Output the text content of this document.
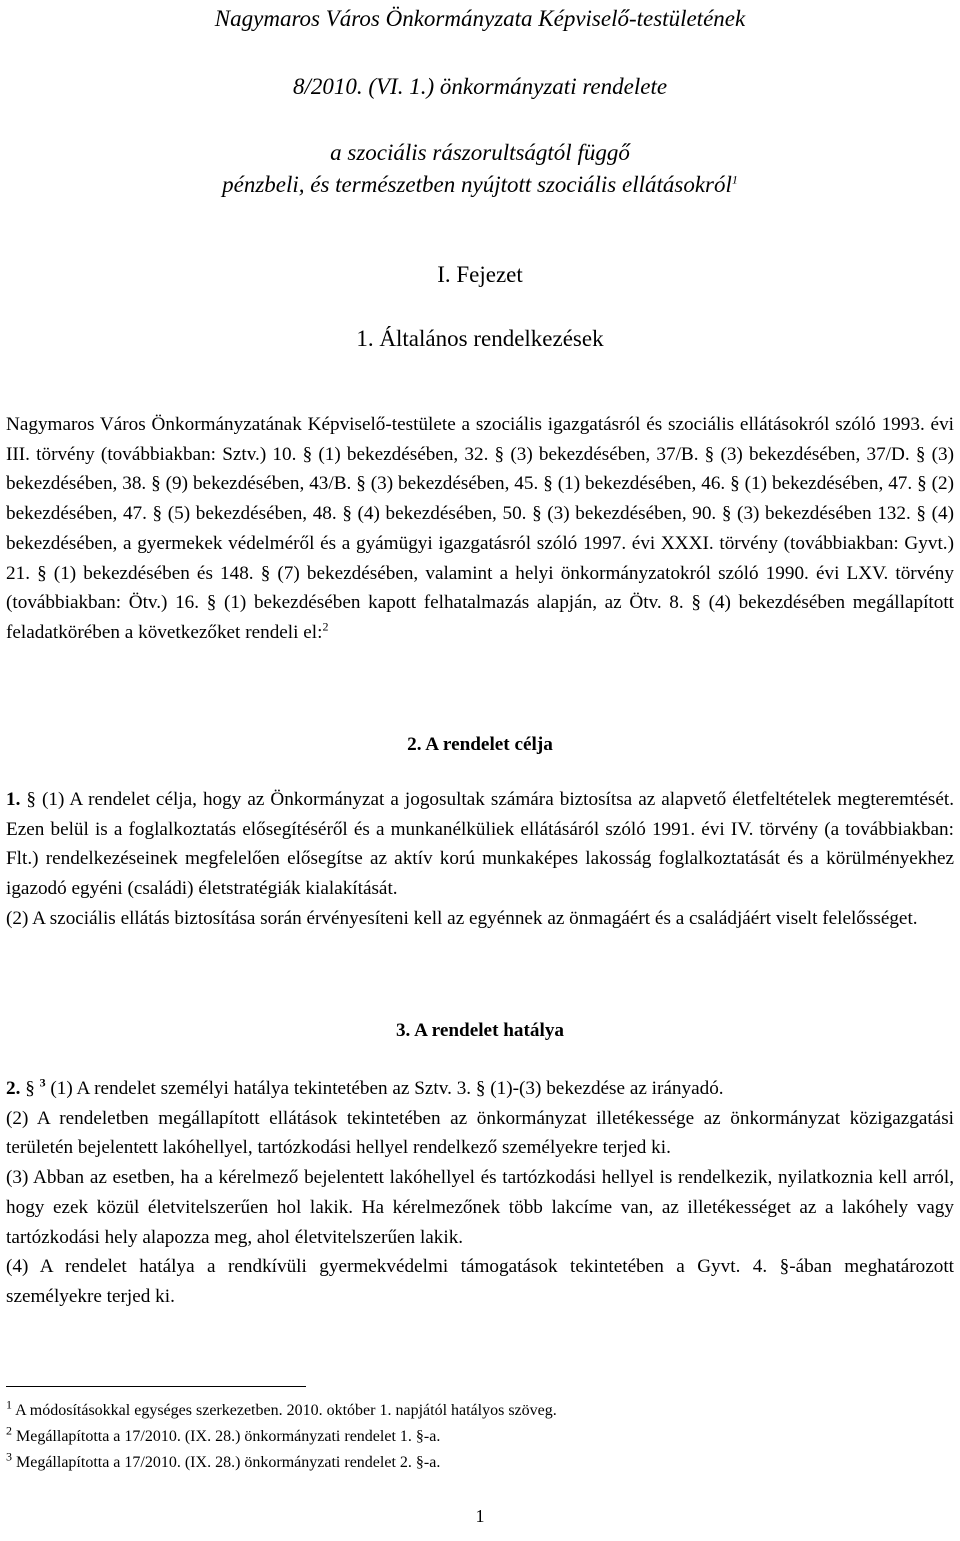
Nagymaros Város Önkormányzata Képviselő-testületének
8/2010. (VI. 1.) önkormányzati rendelete
a szociális rászorultságtól függő
pénzbeli, és természetben nyújtott szociális ellátásokról$^1$
I. Fejezet
1. Általános rendelkezések

Nagymaros Város Önkormányzatának Képviselő-testülete a szociális igazgatásról és szociális ellátásokról szóló 1993. évi III. törvény (továbbiakban: Sztv.) 10. § (1) bekezdésében, 32. § (3) bekezdésében, 37/B. § (3) bekezdésében, 37/D. § (3) bekezdésében, 38. § (9) bekezdésében, 43/B. § (3) bekezdésében, 45. § (1) bekezdésében, 46. § (1) bekezdésében, 47. § (2) bekezdésében, 47. § (5) bekezdésében, 48. § (4) bekezdésében, 50. § (3) bekezdésében, 90. § (3) bekezdésében 132. § (4) bekezdésében, a gyermekek védelméről és a gyámügyi igazgatásról szóló 1997. évi XXXI. törvény (továbbiakban: Gyvt.) 21. § (1) bekezdésében és 148. § (7) bekezdésében, valamint a helyi önkormányzatokról szóló 1990. évi LXV. törvény (továbbiakban: Ötv.) 16. § (1) bekezdésében kapott felhatalmazás alapján, az Ötv. 8. § (4) bekezdésében megállapított feladatkörében a következőket rendeli el:$^2$

2. A rendelet célja

1. § (1) A rendelet célja, hogy az Önkormányzat a jogosultak számára biztosítsa az alapvető életfeltételek megteremtését. Ezen belül is a foglalkoztatás elősegítéséről és a munkanélküliek ellátásáról szóló 1991. évi IV. törvény (a továbbiakban: Flt.) rendelkezéseinek megfelelően elősegítse az aktív korú munkaképes lakosság foglalkoztatását és a körülményekhez igazodó egyéni (családi) életstratégiák kialakítását.

(2) A szociális ellátás biztosítása során érvényesíteni kell az egyénnek az önmagáért és a családjáért viselt felelősséget.

3. A rendelet hatálya

2. § $^3$ (1) A rendelet személyi hatálya tekintetében az Sztv. 3. § (1)-(3) bekezdése az irányadó.

(2) A rendeletben megállapított ellátások tekintetében az önkormányzat illetékessége az önkormányzat közigazgatási területén bejelentett lakóhellyel, tartózkodási hellyel rendelkező személyekre terjed ki.

(3) Abban az esetben, ha a kérelmező bejelentett lakóhellyel és tartózkodási hellyel is rendelkezik, nyilatkoznia kell arról, hogy ezek közül életvitelszerűen hol lakik. Ha kérelmezőnek több lakcíme van, az illetékességet az a lakóhely vagy tartózkodási hely alapozza meg, ahol életvitelszerűen lakik.

(4) A rendelet hatálya a rendkívüli gyermekvédelmi támogatások tekintetében a Gyvt. 4. §-ában meghatározott személyekre terjed ki.

$^1$ A módosításokkal egységes szerkezetben. 2010. október 1. napjától hatályos szöveg.

$^2$ Megállapította a 17/2010. (IX. 28.) önkormányzati rendelet 1. §-a.

$^3$ Megállapította a 17/2010. (IX. 28.) önkormányzati rendelet 2. §-a.

1
